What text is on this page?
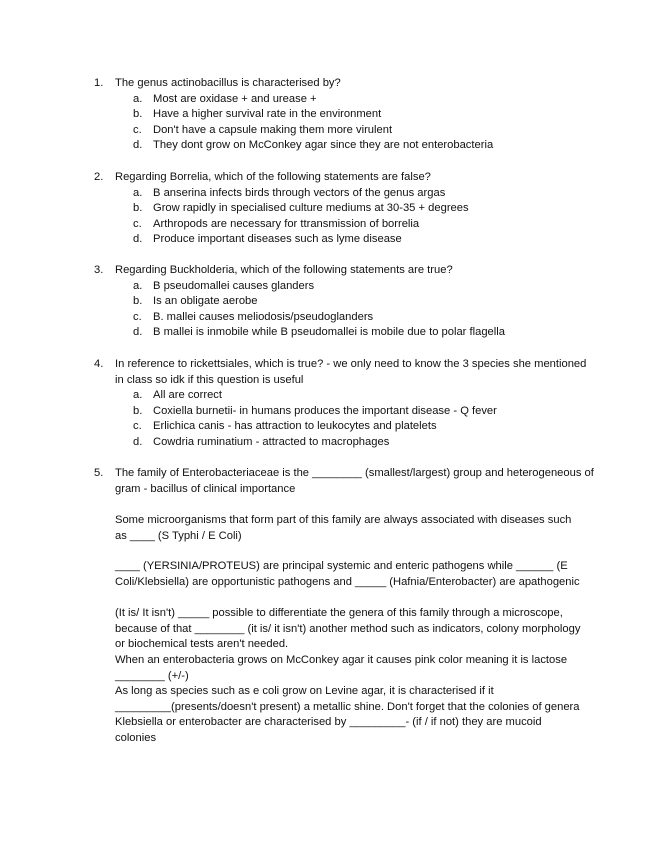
1.	The genus actinobacillus is characterised by?
a. Most are oxidase + and urease +
b. Have a higher survival rate in the environment
c.	Don't have a capsule making them more virulent
d. They dont grow on McConkey agar since they are not enterobacteria
2.	Regarding Borrelia, which of the following statements are false?
a. B anserina infects birds through vectors of the genus argas
b. Grow rapidly in specialised culture mediums at 30-35 + degrees
c.	Arthropods are necessary for ttransmission of borrelia
d. Produce important diseases such as lyme disease
3.	Regarding Buckholderia, which of the following statements are true?
a. B pseudomallei causes glanders
b. Is an obligate aerobe
c.	B. mallei causes meliodosis/pseudoglanders
d. B mallei is inmobile while B pseudomallei is mobile due to polar flagella
4.	In reference to rickettsiales, which is true? - we only need to know the 3 species she mentioned in class so idk if this question is useful
a. All are correct
b. Coxiella burnetii- in humans produces the important disease - Q fever
c.	Erlichica canis - has attraction to leukocytes and platelets
d. Cowdria ruminatium - attracted to macrophages
5.	The family of Enterobacteriaceae is the ________ (smallest/largest) group and heterogeneous of gram - bacillus of clinical importance
Some microorganisms that form part of this family are always associated with diseases such as ____ (S Typhi / E Coli)
____ (YERSINIA/PROTEUS) are principal systemic and enteric pathogens while ______ (E Coli/Klebsiella) are opportunistic pathogens and _____ (Hafnia/Enterobacter) are apathogenic
(It is/ It isn't) _____ possible to differentiate the genera of this family through a microscope, because of that ________ (it is/ it isn't) another method such as indicators, colony morphology or biochemical tests aren't needed.
When an enterobacteria grows on McConkey agar it causes pink color meaning it is lactose ________ (+/-)
As long as species such as e coli grow on Levine agar, it is characterised if it _________(presents/doesn't present) a metallic shine. Don't forget that the colonies of genera Klebsiella or enterobacter are characterised by _________- (if / if not) they are mucoid colonies
